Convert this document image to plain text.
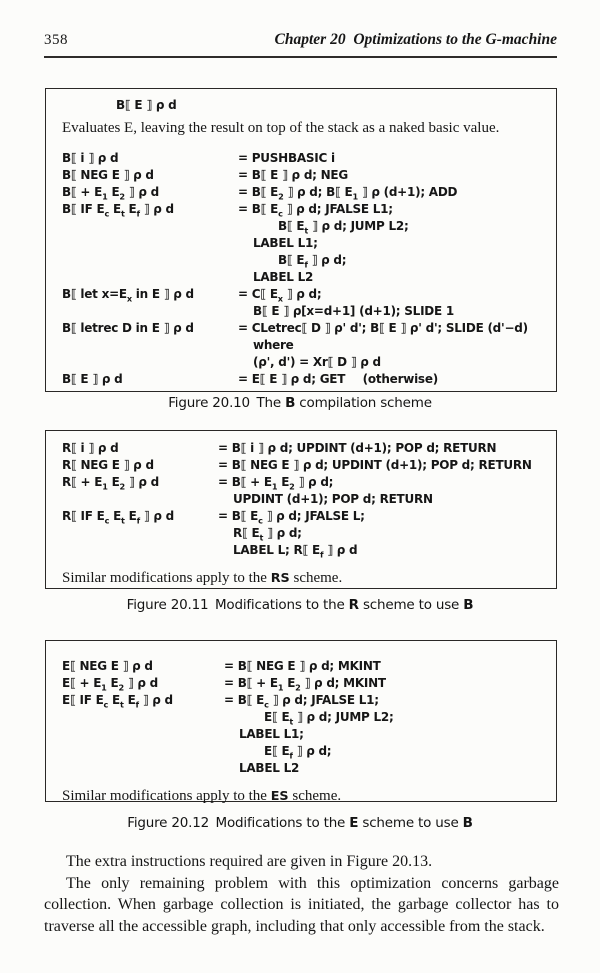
358	Chapter 20 Optimizations to the G-machine
B⟦ E ⟧ ρ d
Evaluates E, leaving the result on top of the stack as a naked basic value.
B⟦ i ⟧ ρ d	= PUSHBASIC i
B⟦ NEG E ⟧ ρ d	= B⟦ E ⟧ ρ d; NEG
B⟦ + $E_1$ $E_2$ ⟧ ρ d	= B⟦ $E_2$ ⟧ ρ d; B⟦ $E_1$ ⟧ ρ (d+1); ADD
B⟦ IF $E_c$ $E_t$ $E_f$ ⟧ ρ d	= B⟦ $E_c$ ⟧ ρ d; JFALSE L1;
B⟦ $E_t$ ⟧ ρ d; JUMP L2;
LABEL L1;
B⟦ $E_f$ ⟧ ρ d;
LABEL L2
B⟦ let $x=E_x$ in E ⟧ ρ d	= C⟦ $E_x$ ⟧ ρ d;
B⟦ E ⟧ ρ[x=d+1] (d+1); SLIDE 1
B⟦ letrec D in E ⟧ ρ d	= CLetrec⟦ D ⟧ ρ' d'; B⟦ E ⟧ ρ' d'; SLIDE (d'−d)
where
(ρ', d') = Xr⟦ D ⟧ ρ d
B⟦ E ⟧ ρ d	= E⟦ E ⟧ ρ d; GET  (otherwise)
Figure 20.10 The B compilation scheme
R⟦ i ⟧ ρ d	= B⟦ i ⟧ ρ d; UPDINT (d+1); POP d; RETURN
R⟦ NEG E ⟧ ρ d	= B⟦ NEG E ⟧ ρ d; UPDINT (d+1); POP d; RETURN
R⟦ + $E_1$ $E_2$ ⟧ ρ d	= B⟦ + $E_1$ $E_2$ ⟧ ρ d;
UPDINT (d+1); POP d; RETURN
R⟦ IF $E_c$ $E_t$ $E_f$ ⟧ ρ d	= B⟦ $E_c$ ⟧ ρ d; JFALSE L;
R⟦ $E_t$ ⟧ ρ d;
LABEL L; R⟦ $E_f$ ⟧ ρ d
Similar modifications apply to the RS scheme.
Figure 20.11 Modifications to the R scheme to use B
E⟦ NEG E ⟧ ρ d	= B⟦ NEG E ⟧ ρ d; MKINT
E⟦ + $E_1$ $E_2$ ⟧ ρ d	= B⟦ + $E_1$ $E_2$ ⟧ ρ d; MKINT
E⟦ IF $E_c$ $E_t$ $E_f$ ⟧ ρ d	= B⟦ $E_c$ ⟧ ρ d; JFALSE L1;
E⟦ $E_t$ ⟧ ρ d; JUMP L2;
LABEL L1;
E⟦ $E_f$ ⟧ ρ d;
LABEL L2
Similar modifications apply to the ES scheme.
Figure 20.12 Modifications to the E scheme to use B

The extra instructions required are given in Figure 20.13.

The only remaining problem with this optimization concerns garbage collection. When garbage collection is initiated, the garbage collector has to traverse all the accessible graph, including that only accessible from the stack.
